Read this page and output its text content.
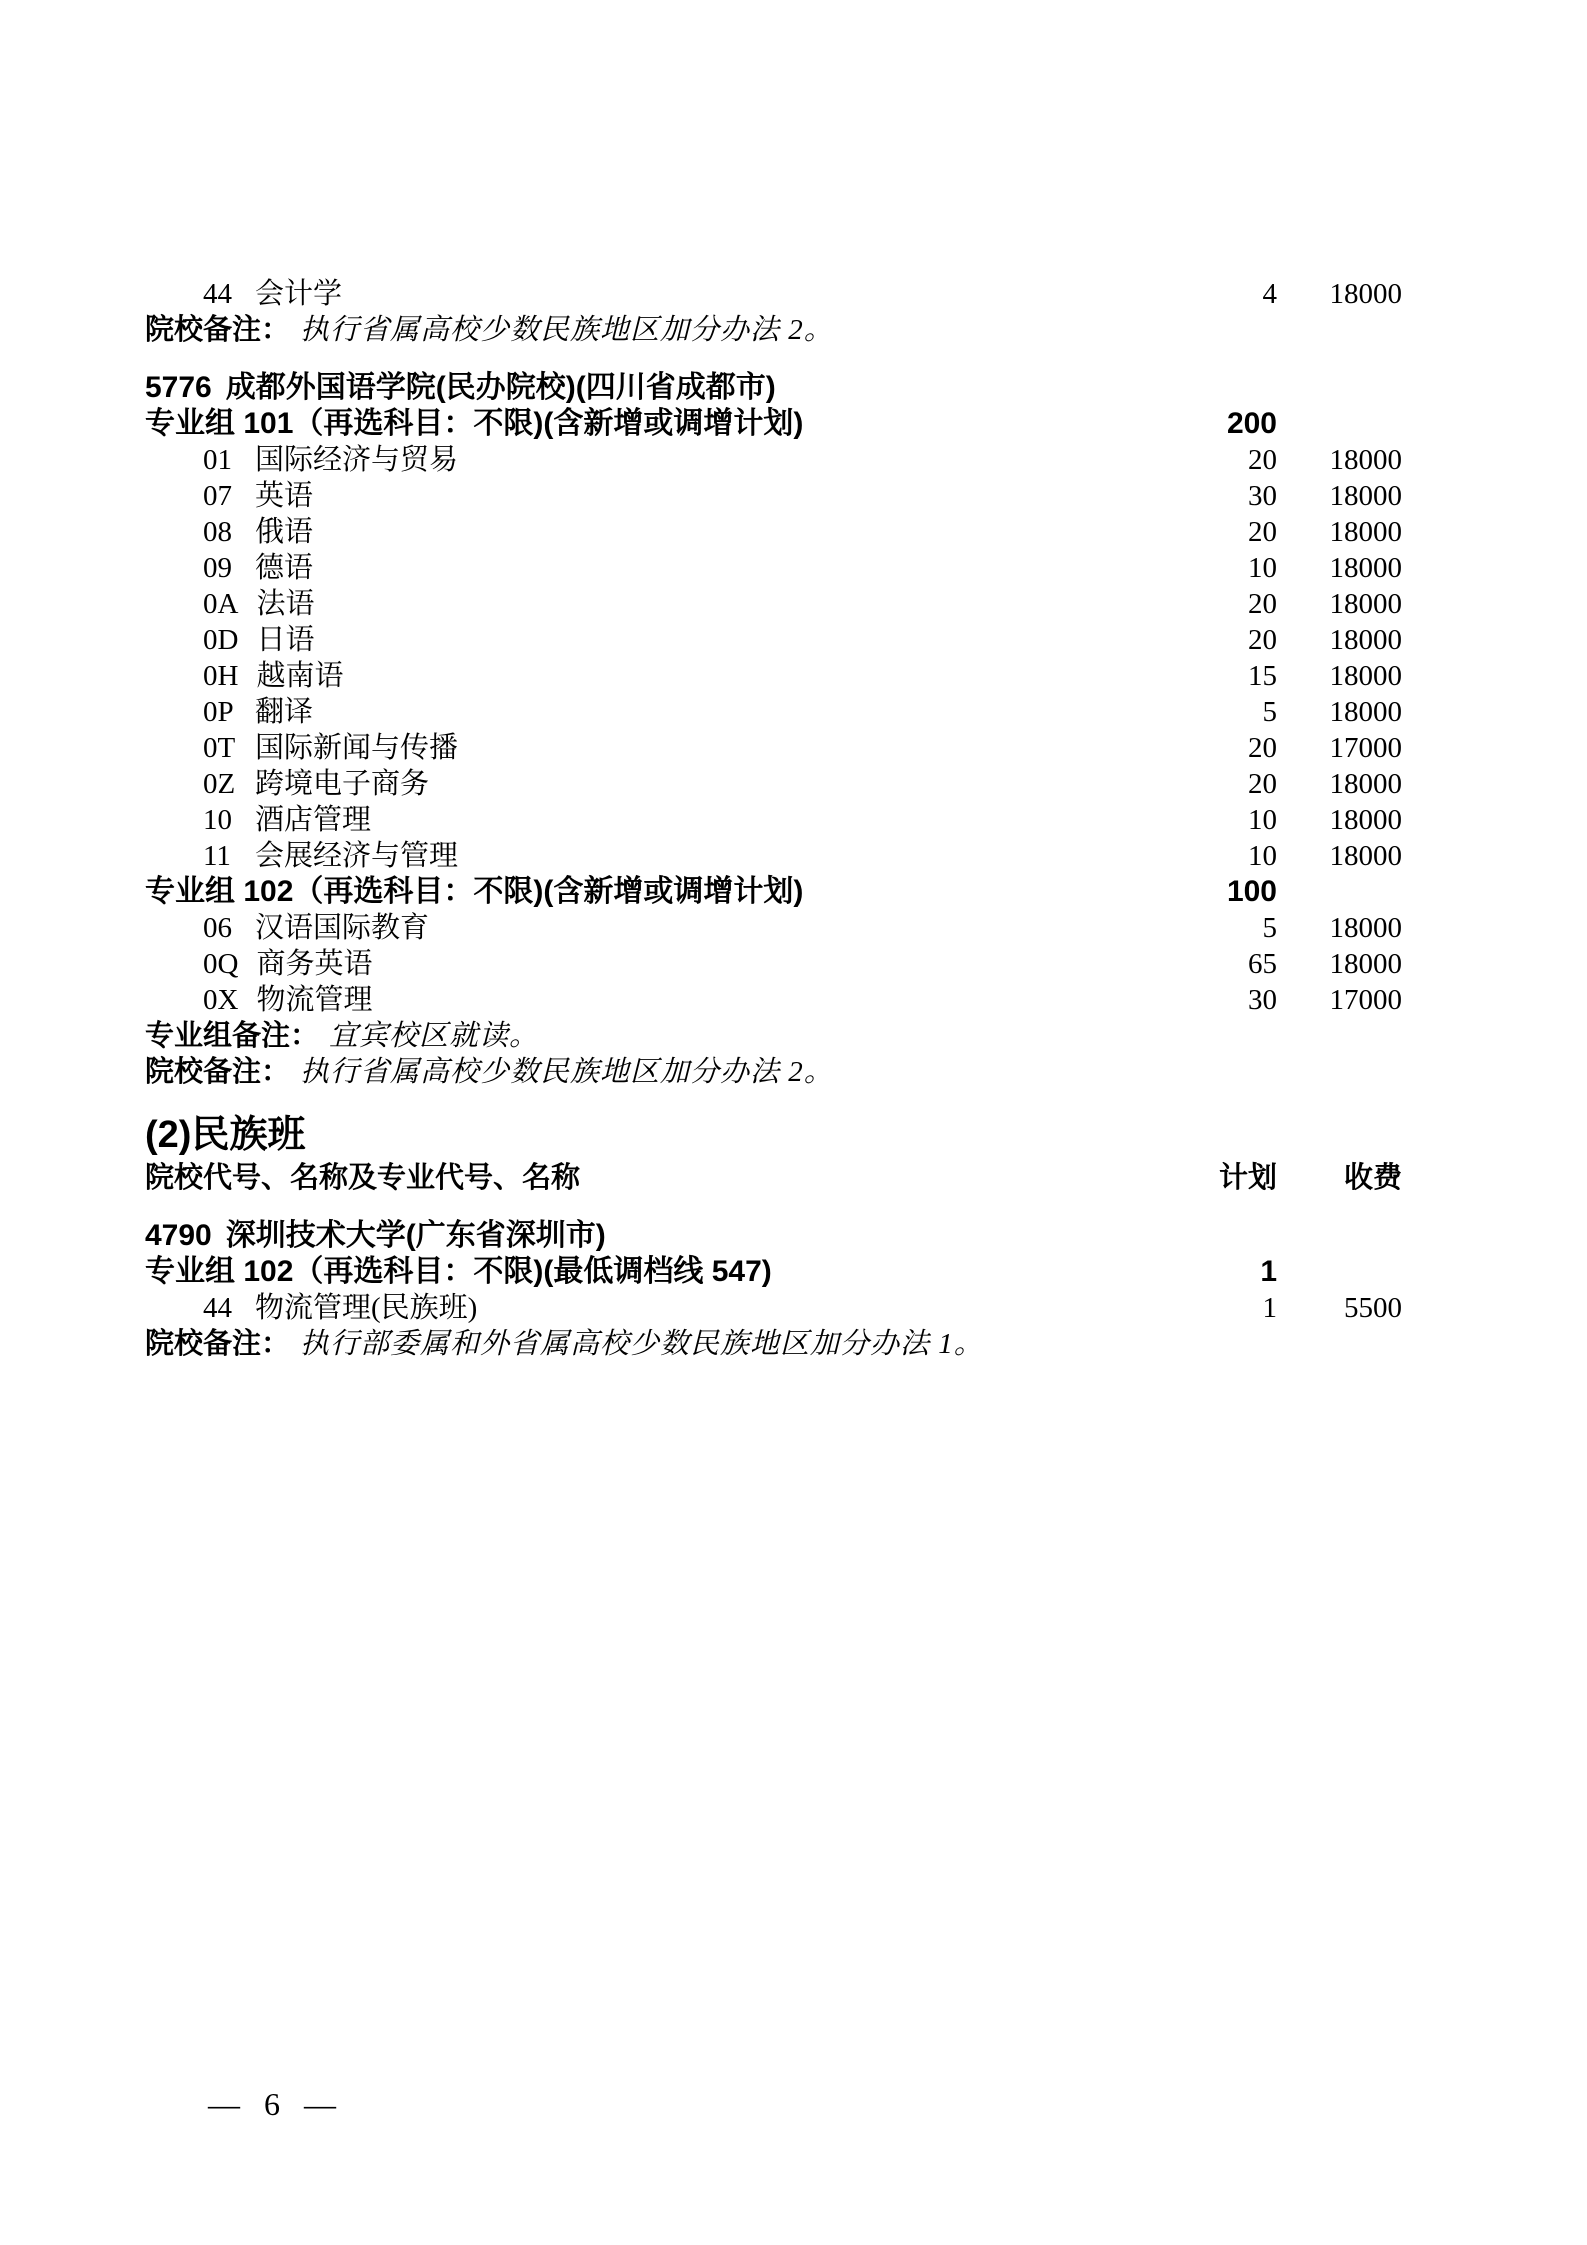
44 会计学	4	18000
院校备注： 执行省属高校少数民族地区加分办法 2。
5776 成都外国语学院(民办院校)(四川省成都市)
专业组 101（再选科目：不限)(含新增或调增计划)	200
01 国际经济与贸易	20	18000
07 英语	30	18000
08 俄语	20	18000
09 德语	10	18000
0A 法语	20	18000
0D 日语	20	18000
0H 越南语	15	18000
0P 翻译	5	18000
0T 国际新闻与传播	20	17000
0Z 跨境电子商务	20	18000
10 酒店管理	10	18000
11 会展经济与管理	10	18000
专业组 102（再选科目：不限)(含新增或调增计划)	100
06 汉语国际教育	5	18000
0Q 商务英语	65	18000
0X 物流管理	30	17000
专业组备注： 宜宾校区就读。
院校备注： 执行省属高校少数民族地区加分办法 2。
(2)民族班
院校代号、名称及专业代号、名称	计划	收费
4790 深圳技术大学(广东省深圳市)
专业组 102（再选科目：不限)(最低调档线 547)	1
44 物流管理(民族班)	1	5500
院校备注： 执行部委属和外省属高校少数民族地区加分办法 1。
— 6 —
